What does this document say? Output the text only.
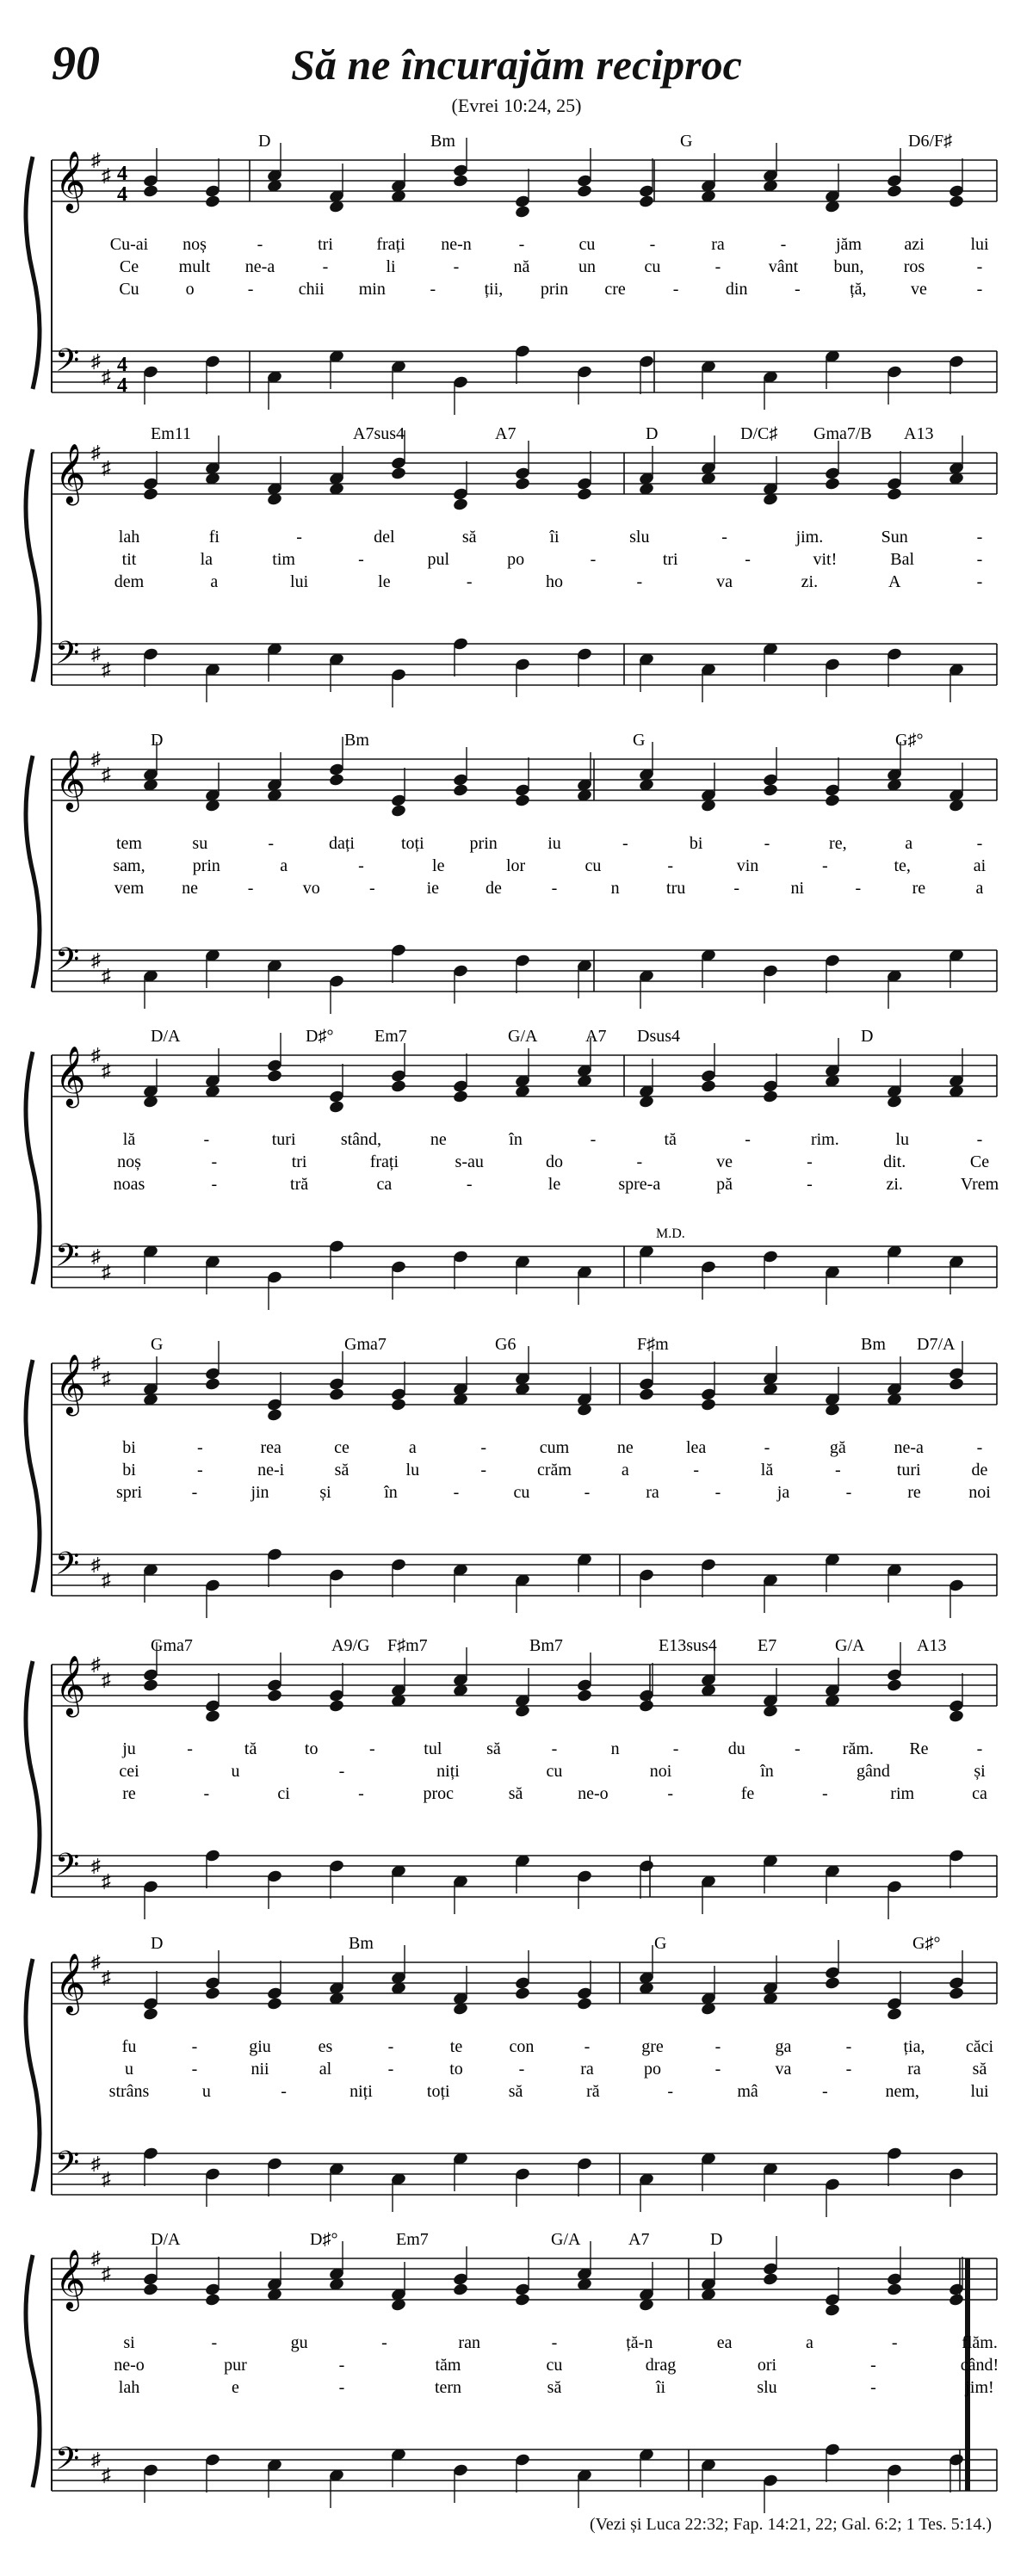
90	Să ne încurajăm reciproc
(Evrei 10:24, 25)
𝄞
𝄢
♯
♯
♯
♯
4
4
4
4
D	Bm	G	D6/F♯
Cu-ai noș	-	tri	frați ne-n	-	cu	-	ra	-	jăm azi	lui
Ce mult ne-a	-	li	-	nă	un	cu	-	vânt bun, ros	-
Cu	o	-	chii min	-	ții, prin cre	-	din	-	ță,	ve	-
𝄞
𝄢
♯
♯
♯
♯
Em11	A7sus4	A7	D	D/C♯ Gma7/B A13
lah	fi	-	del	să	îi	slu	-	jim.	Sun	-
tit	la	tim	-	pul	po	-	tri	-	vit!	Bal	-
dem	a	lui	le	-	ho	-	va	zi.	A	-
𝄞
𝄢
♯
♯
♯
♯
D	Bm	G	G♯°
tem	su	-	dați	toți	prin	iu	-	bi	-	re,	a	-
sam,	prin	a	-	le	lor	cu	-	vin	-	te,	ai
vem ne	-	vo	-	ie	de	-	n	tru	-	ni	-	re	a
𝄞
𝄢
♯
♯
♯
♯
D/A	D♯° Em7	G/A	A7 Dsus4	D
M.D.
lă	-	turi	stând,	ne	în	-	tă	-	rim.	lu	-
noș	-	tri	frați	s-au	do	-	ve	-	dit.	Ce
noas	-	tră	ca	-	le	spre-a	pă	-	zi.	Vrem
𝄞
𝄢
♯
♯
♯
♯
G	Gma7	G6	F♯m	Bm D7/A
bi	-	rea	ce	a	-	cum	ne	lea	-	gă	ne-a	-
bi	-	ne-i	să	lu	-	crăm	a	-	lă	-	turi	de
spri	-	jin	și	în	-	cu	-	ra	-	ja	-	re	noi
𝄞
𝄢
♯
♯
♯
♯
Gma7	A9/G F♯m7	Bm7	E13sus4 E7	G/A	A13
ju	-	tă	to	-	tul	să	-	n	-	du	- răm. Re	-
cei	u	-	niți	cu	noi	în	gând	și
re	-	ci	-	proc	să	ne-o	-	fe	-	rim	ca
𝄞
𝄢
♯
♯
♯
♯
D	Bm	G	G♯°
fu	-	giu	es	-	te	con	-	gre	-	ga	-	ția, căci
u	-	nii	al	-	to	-	ra	po	-	va	-	ra	să
strâns	u	-	niți	toți	să	ră	-	mâ	-	nem,	lui
𝄞
𝄢
♯
♯
♯
♯
D/A	D♯°	Em7	G/A	A7	D
si	-	gu	-	ran	-	ță-n	ea	a	-	flăm.
ne-o	pur	-	tăm	cu	drag	ori	-	când!
lah	e	-	tern	să	îi	slu	-	jim!
(Vezi și Luca 22:32; Fap. 14:21, 22; Gal. 6:2; 1 Tes. 5:14.)
